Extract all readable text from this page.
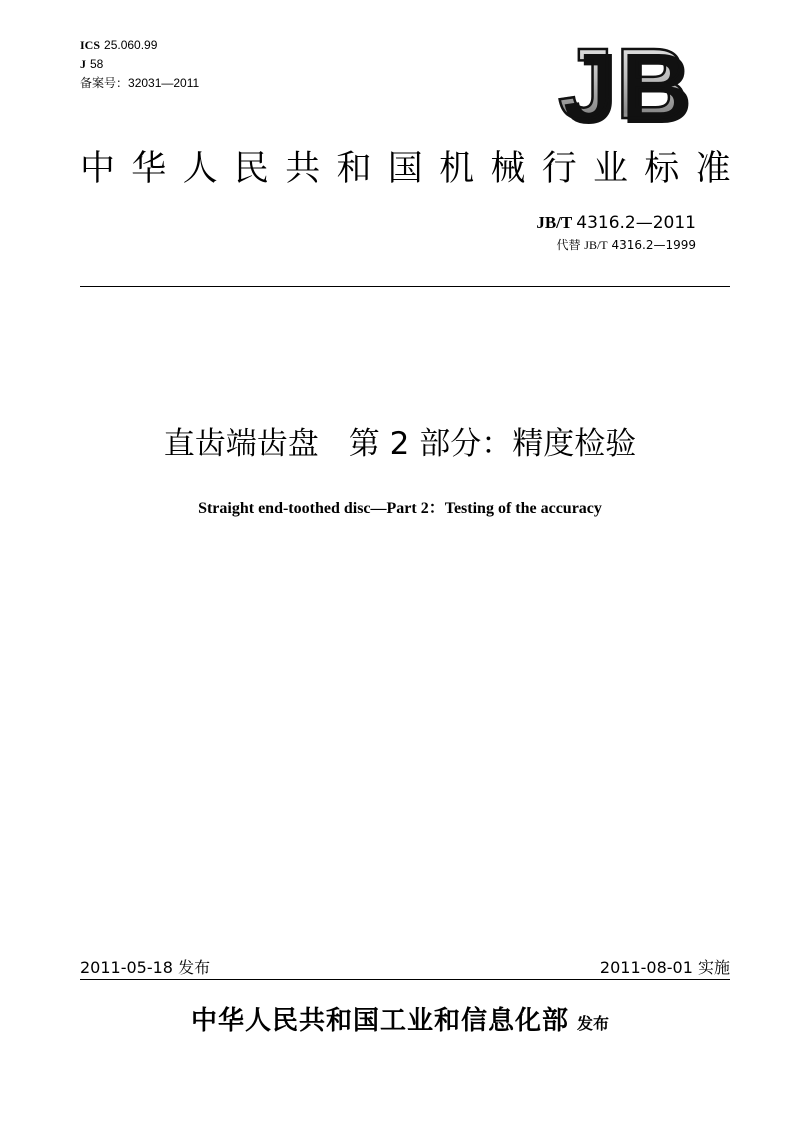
ICS 25.060.99
J 58
备案号：32031—2011	JB
中华人民共和国机械行业标准
JB/T 4316.2—2011
代替 JB/T 4316.2—1999
直齿端齿盘 第 2 部分：精度检验
Straight end-toothed disc—Part 2：Testing of the accuracy
2011-05-18 发布	2011-08-01 实施
中华人民共和国工业和信息化部 发布
